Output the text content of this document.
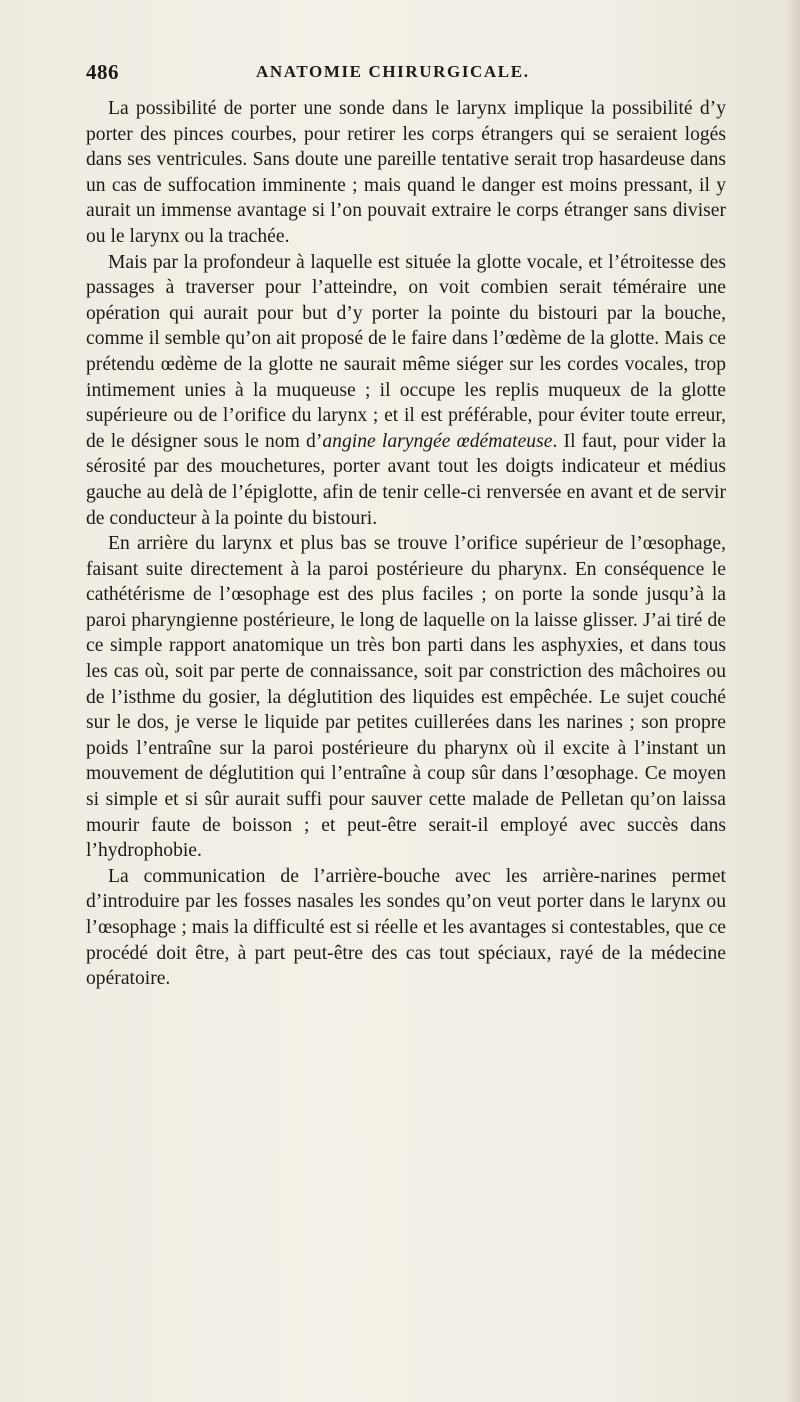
486	ANATOMIE CHIRURGICALE.

La possibilité de porter une sonde dans le larynx implique la possibilité d’y porter des pinces courbes, pour retirer les corps étrangers qui se seraient logés dans ses ventricules. Sans doute une pareille tentative serait trop hasardeuse dans un cas de suffocation imminente ; mais quand le danger est moins pressant, il y aurait un immense avantage si l’on pouvait extraire le corps étranger sans diviser ou le larynx ou la trachée.

Mais par la profondeur à laquelle est située la glotte vocale, et l’étroitesse des passages à traverser pour l’atteindre, on voit combien serait téméraire une opération qui aurait pour but d’y porter la pointe du bistouri par la bouche, comme il semble qu’on ait proposé de le faire dans l’œdème de la glotte. Mais ce prétendu œdème de la glotte ne saurait même siéger sur les cordes vocales, trop intimement unies à la muqueuse ; il occupe les replis muqueux de la glotte supérieure ou de l’orifice du larynx ; et il est préférable, pour éviter toute erreur, de le désigner sous le nom d’angine laryngée œdémateuse. Il faut, pour vider la sérosité par des mouchetures, porter avant tout les doigts indicateur et médius gauche au delà de l’épiglotte, afin de tenir celle-ci renversée en avant et de servir de conducteur à la pointe du bistouri.

En arrière du larynx et plus bas se trouve l’orifice supérieur de l’œsophage, faisant suite directement à la paroi postérieure du pharynx. En conséquence le cathétérisme de l’œsophage est des plus faciles ; on porte la sonde jusqu’à la paroi pharyngienne postérieure, le long de laquelle on la laisse glisser. J’ai tiré de ce simple rapport anatomique un très bon parti dans les asphyxies, et dans tous les cas où, soit par perte de connaissance, soit par constriction des mâchoires ou de l’isthme du gosier, la déglutition des liquides est empêchée. Le sujet couché sur le dos, je verse le liquide par petites cuillerées dans les narines ; son propre poids l’entraîne sur la paroi postérieure du pharynx où il excite à l’instant un mouvement de déglutition qui l’entraîne à coup sûr dans l’œsophage. Ce moyen si simple et si sûr aurait suffi pour sauver cette malade de Pelletan qu’on laissa mourir faute de boisson ; et peut-être serait-il employé avec succès dans l’hydrophobie.

La communication de l’arrière-bouche avec les arrière-narines permet d’introduire par les fosses nasales les sondes qu’on veut porter dans le larynx ou l’œsophage ; mais la difficulté est si réelle et les avantages si contestables, que ce procédé doit être, à part peut-être des cas tout spéciaux, rayé de la médecine opératoire.
